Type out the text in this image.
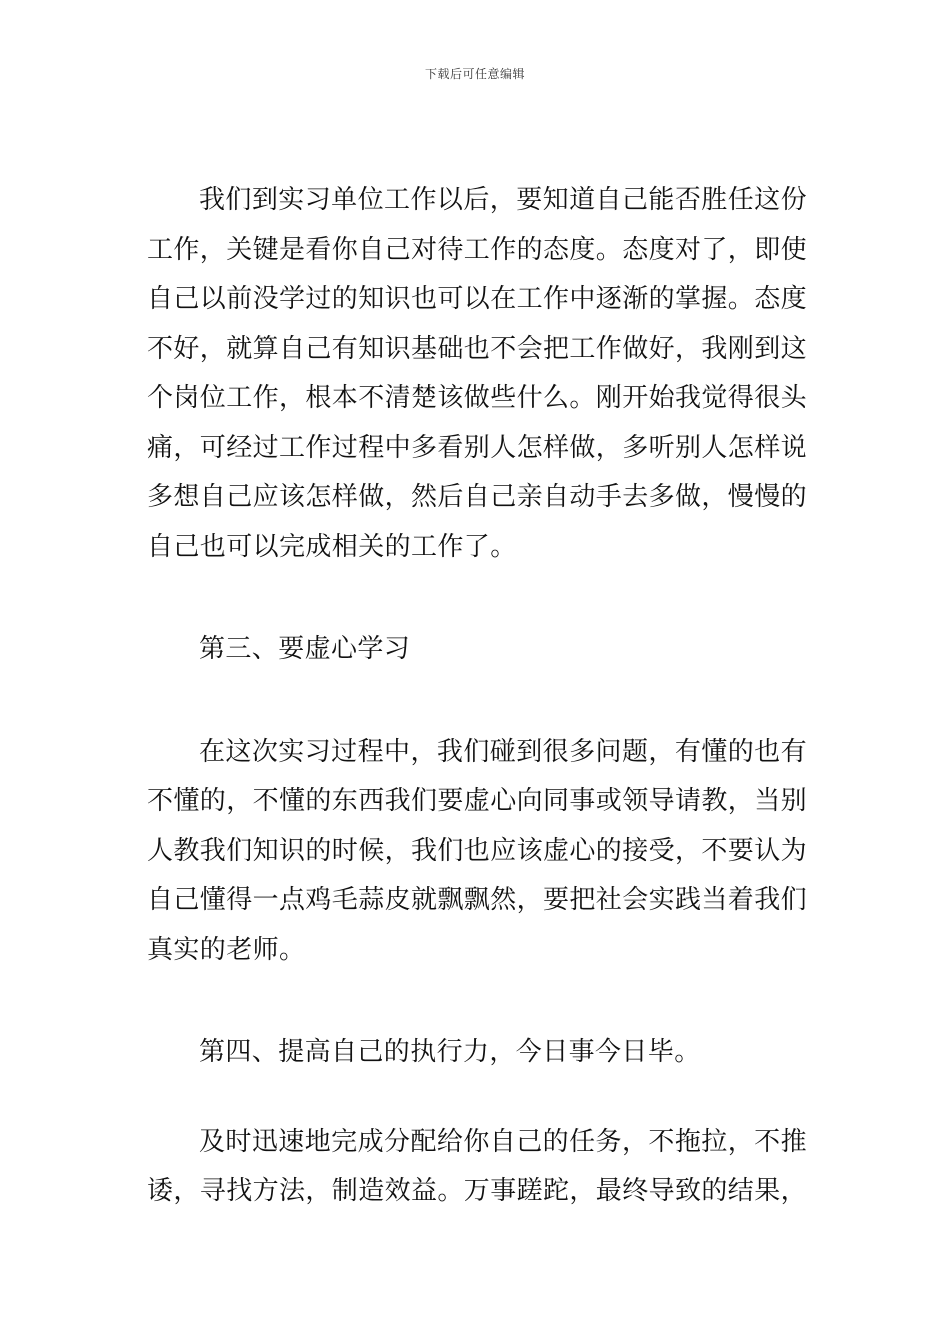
下载后可任意编辑

我们到实习单位工作以后，要知道自己能否胜任这份工作，关键是看你自己对待工作的态度。态度对了，即使自己以前没学过的知识也可以在工作中逐渐的掌握。态度不好，就算自己有知识基础也不会把工作做好，我刚到这个岗位工作，根本不清楚该做些什么。刚开始我觉得很头痛，可经过工作过程中多看别人怎样做，多听别人怎样说多想自己应该怎样做，然后自己亲自动手去多做，慢慢的自己也可以完成相关的工作了。

第三、要虚心学习

在这次实习过程中，我们碰到很多问题，有懂的也有不懂的，不懂的东西我们要虚心向同事或领导请教，当别人教我们知识的时候，我们也应该虚心的接受，不要认为自己懂得一点鸡毛蒜皮就飘飘然，要把社会实践当着我们真实的老师。

第四、提高自己的执行力，今日事今日毕。

及时迅速地完成分配给你自己的任务，不拖拉，不推诿，寻找方法，制造效益。万事蹉跎，最终导致的结果，
